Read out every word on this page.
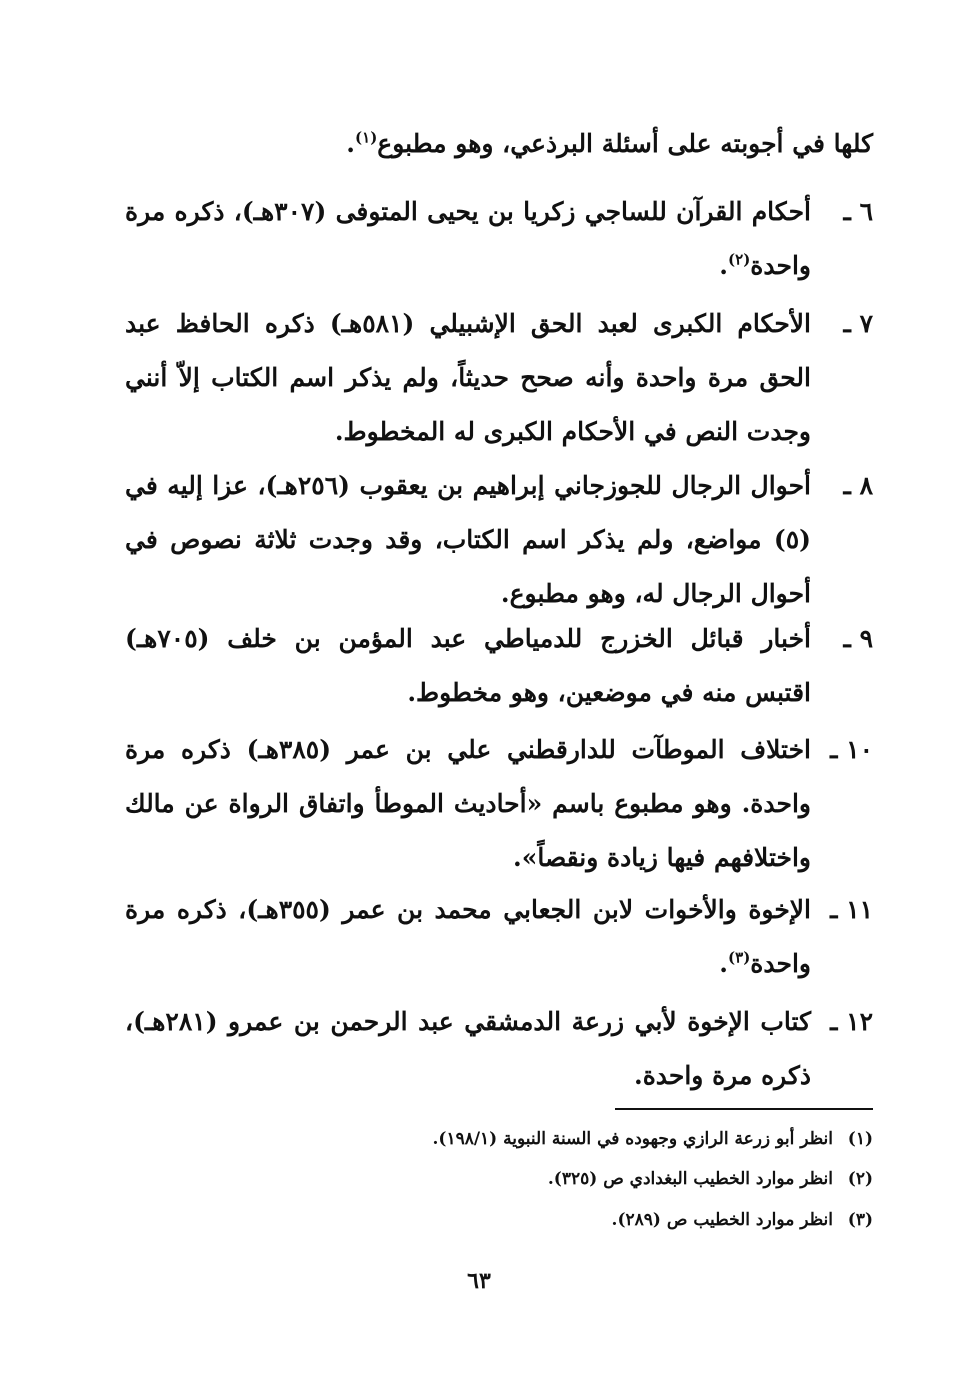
كلها في أجوبته على أسئلة البرذعي، وهو مطبوع$^{(١)}$.
٦ ـ
أحكام القرآن للساجي زكريا بن يحيى المتوفى (٣٠٧هـ)، ذكره مرة واحدة$^{(٢)}$.
٧ ـ
الأحكام الكبرى لعبد الحق الإشبيلي (٥٨١هـ) ذكره الحافظ عبد الحق مرة واحدة وأنه صحح حديثاً، ولم يذكر اسم الكتاب إلاّ أنني وجدت النص في الأحكام الكبرى له المخطوط.
٨ ـ
أحوال الرجال للجوزجاني إبراهيم بن يعقوب (٢٥٦هـ)، عزا إليه في (٥) مواضع، ولم يذكر اسم الكتاب، وقد وجدت ثلاثة نصوص في أحوال الرجال له، وهو مطبوع.
٩ ـ
أخبار قبائل الخزرج للدمياطي عبد المؤمن بن خلف (٧٠٥هـ) اقتبس منه في موضعين، وهو مخطوط.
١٠ ـ
اختلاف الموطآت للدارقطني علي بن عمر (٣٨٥هـ) ذكره مرة واحدة. وهو مطبوع باسم «أحاديث الموطأ واتفاق الرواة عن مالك واختلافهم فيها زيادة ونقصاً».
١١ ـ
الإخوة والأخوات لابن الجعابي محمد بن عمر (٣٥٥هـ)، ذكره مرة واحدة$^{(٣)}$.
١٢ ـ
كتاب الإخوة لأبي زرعة الدمشقي عبد الرحمن بن عمرو (٢٨١هـ)، ذكره مرة واحدة.
(١)انظر أبو زرعة الرازي وجهوده في السنة النبوية (١٩٨/١).
(٢)انظر موارد الخطيب البغدادي ص (٣٢٥).
(٣)انظر موارد الخطيب ص (٢٨٩).
٦٣
